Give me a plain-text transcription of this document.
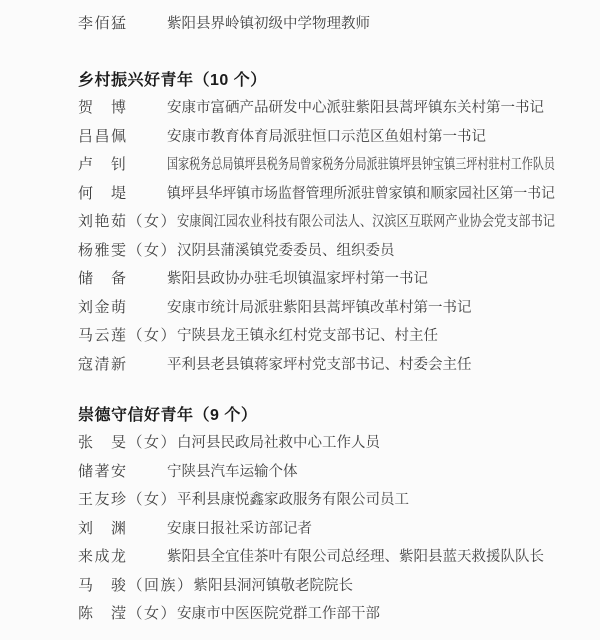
李佰猛	紫阳县界岭镇初级中学物理教师
乡村振兴好青年（10 个）
贺　博	安康市富硒产品研发中心派驻紫阳县蒿坪镇东关村第一书记
吕昌佩	安康市教育体育局派驻恒口示范区鱼姐村第一书记
卢　钊	国家税务总局镇坪县税务局曾家税务分局派驻镇坪县钟宝镇三坪村驻村工作队员
何　堤	镇坪县华坪镇市场监督管理所派驻曾家镇和顺家园社区第一书记
刘艳茹（女） 安康阆江园农业科技有限公司法人、汉滨区互联网产业协会党支部书记
杨雅雯（女） 汉阴县蒲溪镇党委委员、组织委员
储　备	紫阳县政协办驻毛坝镇温家坪村第一书记
刘金萌	安康市统计局派驻紫阳县蒿坪镇改革村第一书记
马云莲（女） 宁陕县龙王镇永红村党支部书记、村主任
寇清新	平利县老县镇蒋家坪村党支部书记、村委会主任
崇德守信好青年（9 个）
张　旻（女） 白河县民政局社救中心工作人员
储著安	宁陕县汽车运输个体
王友珍（女） 平利县康悦鑫家政服务有限公司员工
刘　渊	安康日报社采访部记者
来成龙	紫阳县全宜佳茶叶有限公司总经理、紫阳县蓝天救援队队长
马　骏（回族） 紫阳县洞河镇敬老院院长
陈　滢（女） 安康市中医医院党群工作部干部
